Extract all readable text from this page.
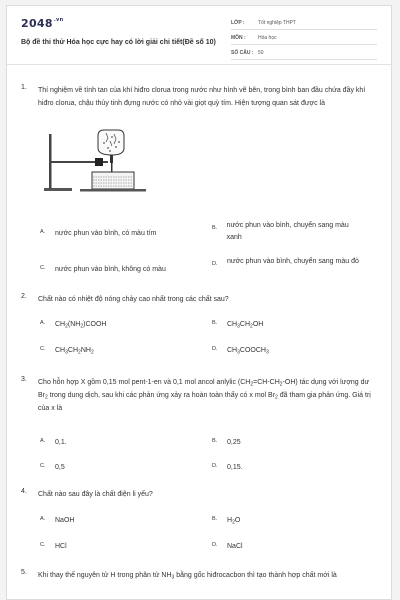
$2048^{.vn}$
Bộ đề thi thử Hóa học cực hay có lời giải chi tiết(Đề số 10)
LỚP :	Tốt nghiệp THPT
MÔN :	Hóa học
SỐ CÂU : 50
1. Thí nghiệm về tính tan của khí hiđro clorua trong nước như hình vẽ bên, trong bình ban đầu chứa đầy khí hiđro clorua, chậu thủy tinh đựng nước có nhỏ vài giọt quỳ tím. Hiện tượng quan sát được là
A.	nước phun vào bình, có màu tím
B.	nước phun vào bình, chuyển sang màu xanh
C.	nước phun vào bình, không có màu
D.	nước phun vào bình, chuyển sang màu đỏ
2. Chất nào có nhiệt độ nóng chảy cao nhất trong các chất sau?
A.	$CH_2(NH_2)COOH$	B.	$CH_3CH_2OH$
C.	$CH_3CH_2NH_2$
D.	$CH_3COOCH_3$
3. Cho hỗn hợp X gồm 0,15 mol pent-1-en và 0,1 mol ancol anlylic $(CH_2=CH-CH_2-OH)$ tác dụng với lượng dư $Br_2$ trong dung dịch, sau khi các phản ứng xảy ra hoàn toàn thấy có x mol $Br_2$ đã tham gia phản ứng. Giá trị của x là
A.	0,1.	B.	0,25
C.	0,5	D.	0,15.
4. Chất nào sau đây là chất điện li yếu?
A.	NaOH	B.	$H_2O$
C.	HCl	D.	NaCl
5. Khi thay thế nguyên tử H trong phân tử $NH_3$ bằng gốc hiđrocacbon thì tạo thành hợp chất mới là
